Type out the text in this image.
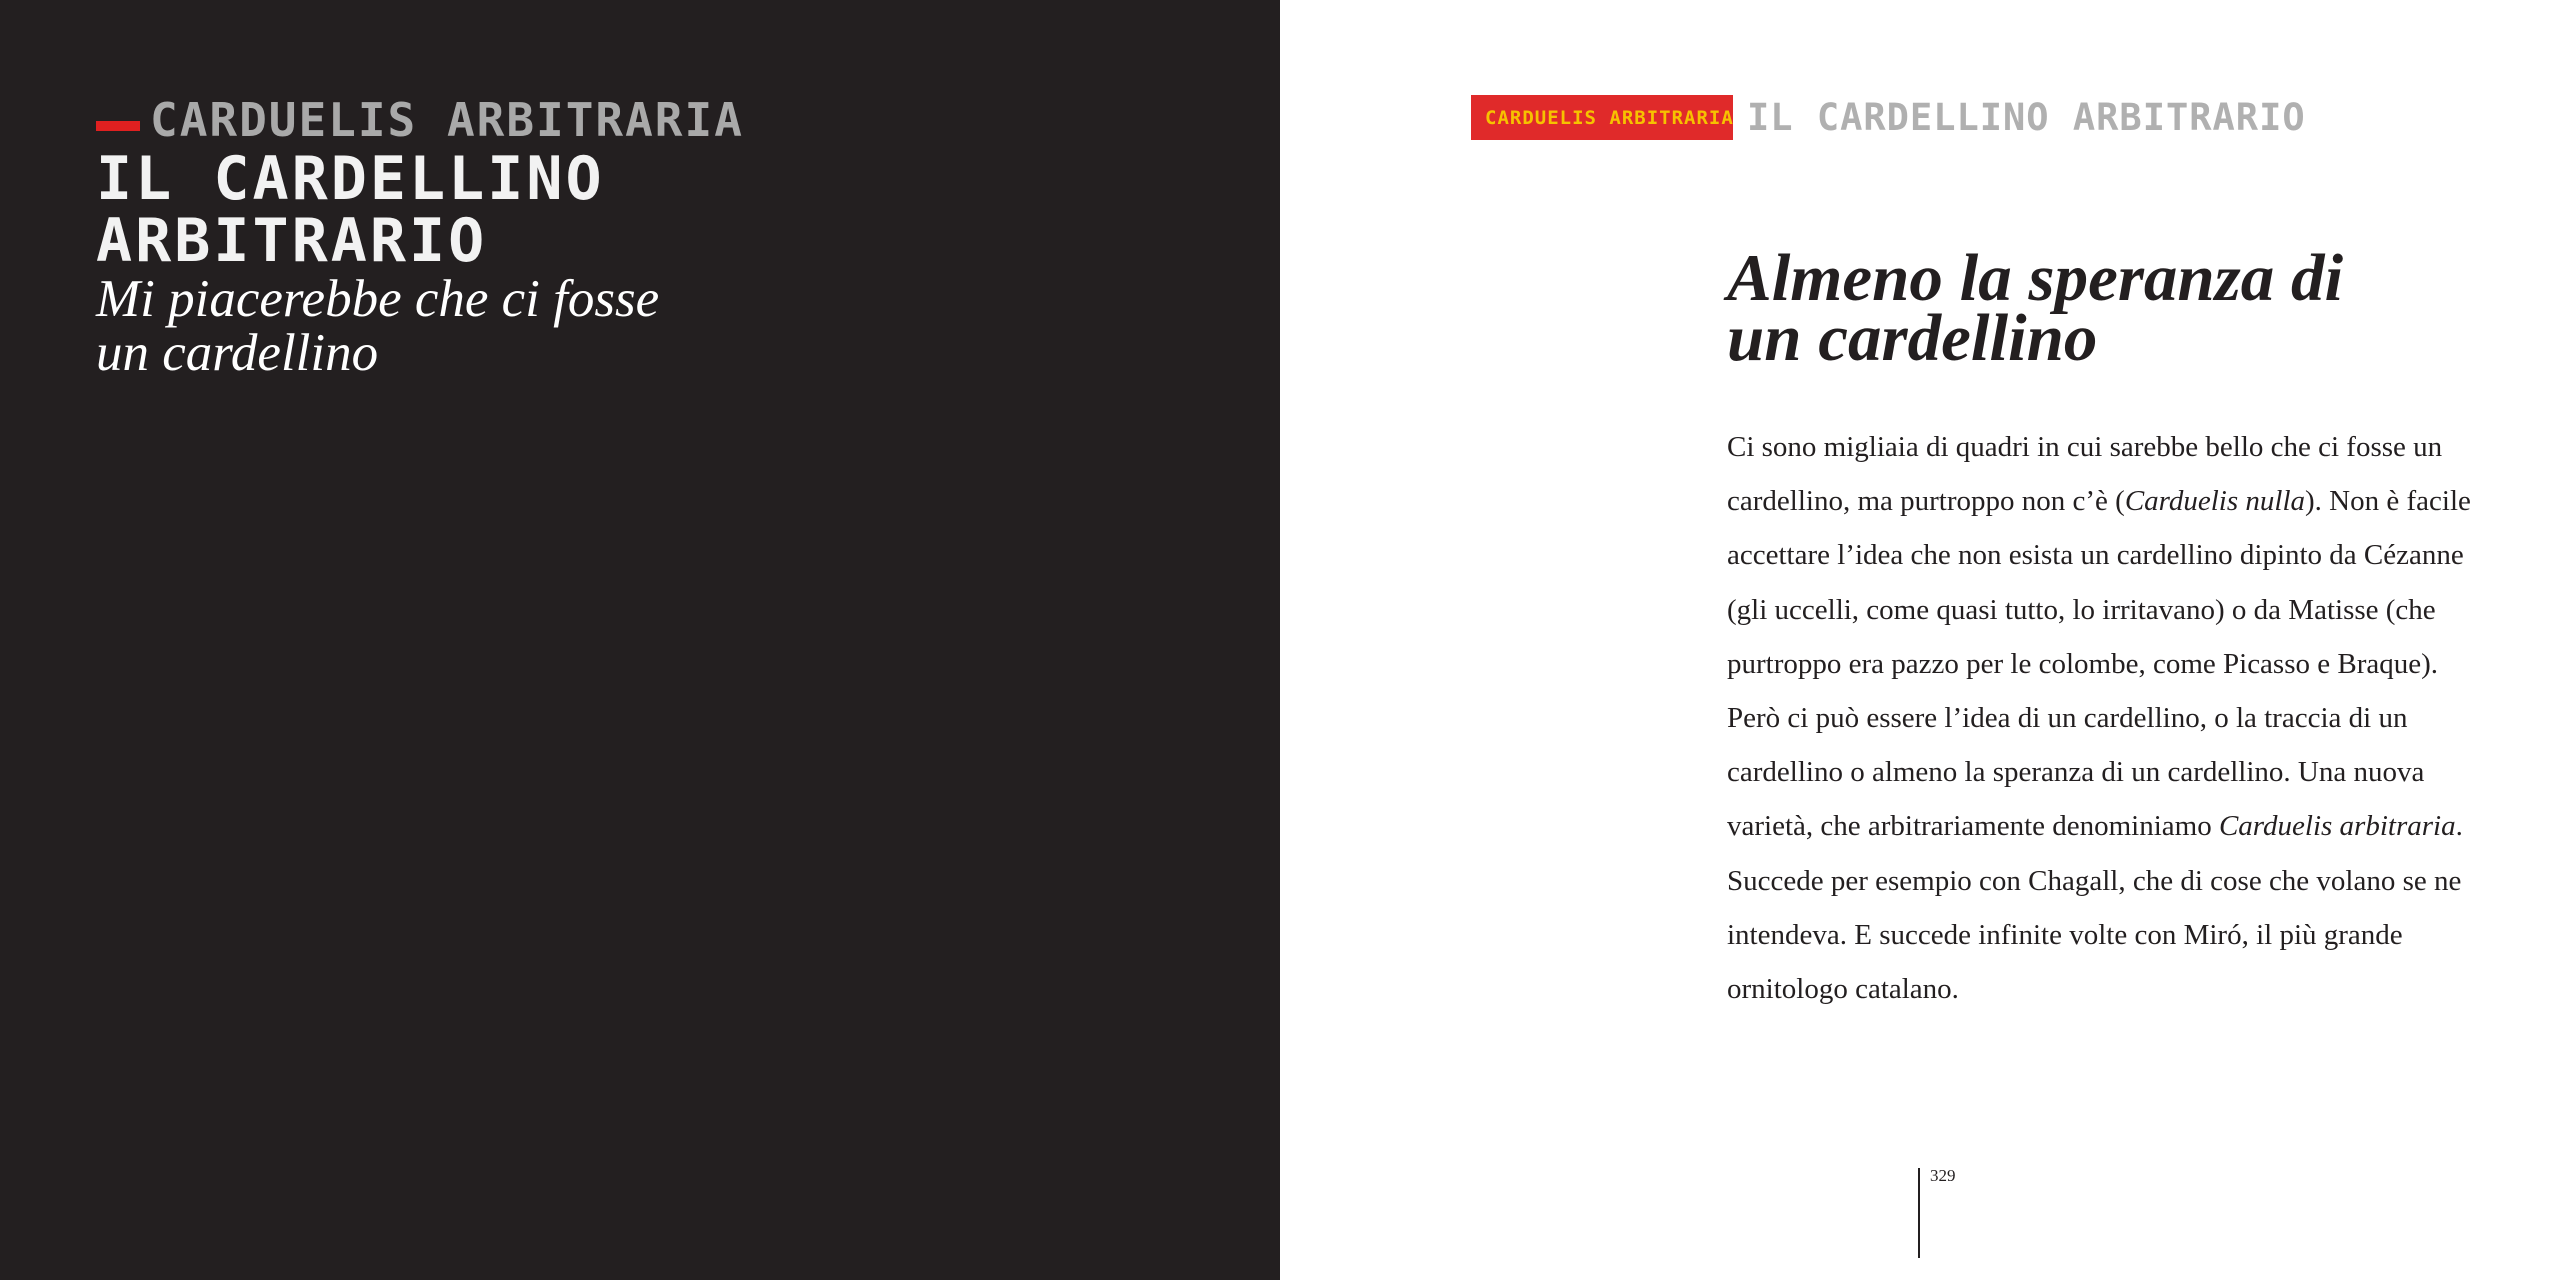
CARDUELIS ARBITRARIA
IL CARDELLINO ARBITRARIO

Mi piacerebbe che ci fosse un cardellino

CARDUELIS ARBITRARIA IL CARDELLINO ARBITRARIO
Almeno la speranza di un cardellino

Ci sono migliaia di quadri in cui sarebbe bello che ci fosse un cardellino, ma purtroppo non c’è (Carduelis nulla). Non è facile accettare l’idea che non esista un cardellino dipinto da Cézanne (gli uccelli, come quasi tutto, lo irritavano) o da Matisse (che purtroppo era pazzo per le colombe, come Picasso e Braque). Però ci può essere l’idea di un cardellino, o la traccia di un cardellino o almeno la speranza di un cardellino. Una nuova varietà, che arbitrariamente denominiamo Carduelis arbitraria. Succede per esempio con Chagall, che di cose che volano se ne intendeva. E succede infinite volte con Miró, il più grande ornitologo catalano.

329
